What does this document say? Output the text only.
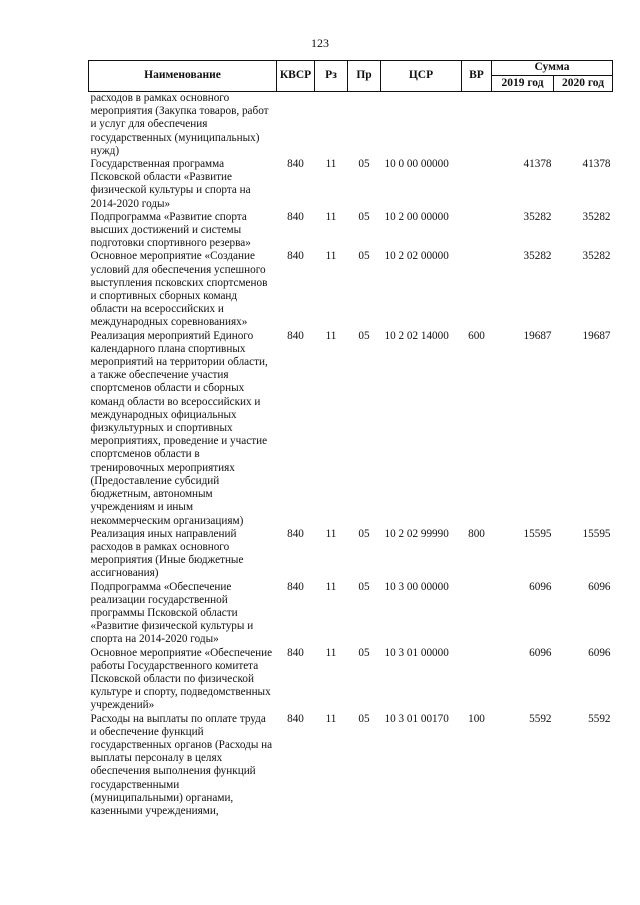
123
Наименование	КВСР	Рз	Пр	ЦСР	ВР	Сумма	
						2019 год	2020 год
расходов в рамках основного мероприятия (Закупка товаров, работ и услуг для обеспечения государственных (муниципальных) нужд)							
Государственная программа Псковской области «Развитие физической культуры и спорта на 2014-2020 годы»	840	11	05	10 0 00 00000		41378	41378
Подпрограмма «Развитие спорта высших достижений и системы подготовки спортивного резерва»	840	11	05	10 2 00 00000		35282	35282
Основное мероприятие «Создание условий для обеспечения успешного выступления псковских спортсменов и спортивных сборных команд области на всероссийских и международных соревнованиях»	840	11	05	10 2 02 00000		35282	35282
Реализация мероприятий Единого календарного плана спортивных мероприятий на территории области, а также обеспечение участия спортсменов области и сборных команд области во всероссийских и международных официальных физкультурных и спортивных мероприятиях, проведение и участие спортсменов области в тренировочных мероприятиях (Предоставление субсидий бюджетным, автономным учреждениям и иным некоммерческим организациям)	840	11	05	10 2 02 14000	600	19687	19687
Реализация иных направлений расходов в рамках основного мероприятия (Иные бюджетные ассигнования)	840	11	05	10 2 02 99990	800	15595	15595
Подпрограмма «Обеспечение реализации государственной программы Псковской области «Развитие физической культуры и спорта на 2014-2020 годы»	840	11	05	10 3 00 00000		6096	6096
Основное мероприятие «Обеспечение работы Государственного комитета Псковской области по физической культуре и спорту, подведомственных учреждений»	840	11	05	10 3 01 00000		6096	6096
Расходы на выплаты по оплате труда и обеспечение функций государственных органов (Расходы на выплаты персоналу в целях обеспечения выполнения функций государственными (муниципальными) органами, казенными учреждениями,	840	11	05	10 3 01 00170	100	5592	5592
